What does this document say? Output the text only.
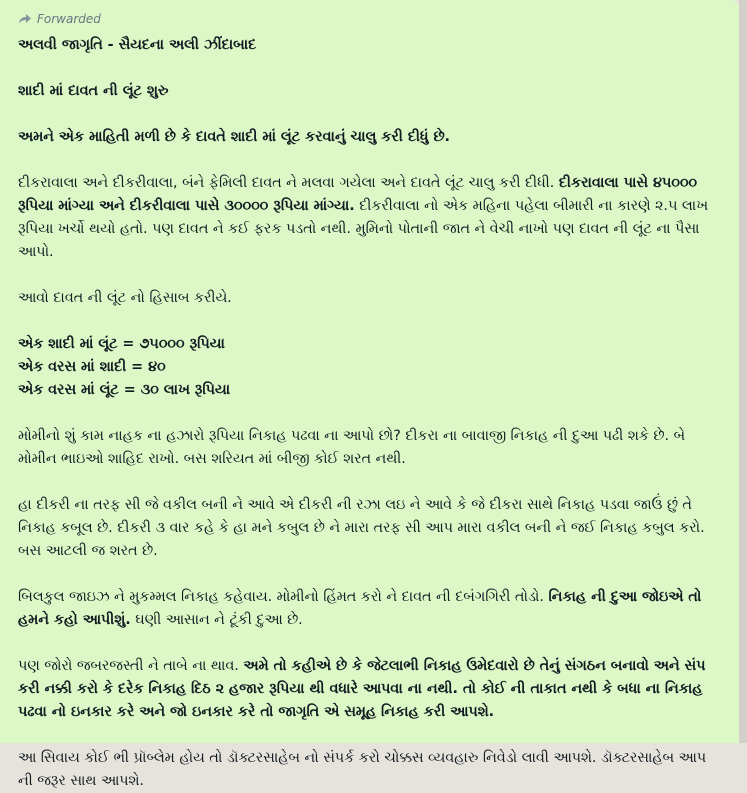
Forwarded

અલવી જાગૃતિ - સૈયદના અલી ઝીંદાબાદ

શાદી માં દાવત ની લૂંટ શુરુ

અમને એક માહિતી મળી છે કે દાવતે શાદી માં લૂંટ કરવાનું ચાલુ કરી દીધું છે.

દીકરાવાલા અને દીકરીવાલા, બંને ફેમિલી દાવત ને મલવા ગયેલા અને દાવતે લૂંટ ચાલુ કરી દીધી. દીકરાવાલા પાસે ૪૫૦૦૦ રૂપિયા માંગ્યા અને દીકરીવાલા પાસે ૩૦૦૦૦ રૂપિયા માંગ્યા. દીકરીવાલા નો એક મહિના પહેલા બીમારી ના કારણે ૨.૫ લાખ રૂપિયા ખર્ચો થયો હતો. પણ દાવત ને કઈ ફરક પડતો નથી. મુમિનો પોતાની જાત ને વેચી નાખો પણ દાવત ની લૂંટ ના પૈસા આપો.

આવો દાવત ની લૂંટ નો હિસાબ કરીયે.

એક શાદી માં લૂંટ = ૭૫૦૦૦ રૂપિયા

એક વરસ માં શાદી = ૪૦

એક વરસ માં લૂંટ = ૩૦ લાખ રૂપિયા

મોમીનો શું કામ નાહક ના હઝારો રૂપિયા નિકાહ પઢવા ના આપો છો? દીકરા ના બાવાજી નિકાહ ની દુઆ પઢી શકે છે. બે મોમીન ભાઇઓ શાહિદ રાખો. બસ શરિયત માં બીજી કોઈ શરત નથી.

હા દીકરી ના તરફ સી જે વકીલ બની ને આવે એ દીકરી ની રઝા લઇ ને આવે કે જે દીકરા સાથે નિકાહ પડવા જાઉં છું તે નિકાહ કબૂલ છે. દીકરી ૩ વાર કહે કે હા મને કબુલ છે ને મારા તરફ સી આપ મારા વકીલ બની ને જઈ નિકાહ કબુલ કરો. બસ આટલી જ શરત છે.

બિલકુલ જાઇઝ ને મુકમ્મલ નિકાહ કહેવાય. મોમીનો હિંમત કરો ને દાવત ની દબંગગિરી તોડો. નિકાહ ની દુઆ જોઇએ તો હમને કહો આપીશું. ઘણી આસાન ને ટૂંકી દુઆ છે.

પણ જોરો જબરજસ્તી ને તાબે ના થાવ. અમે તો કહીએ છે કે જેટલાભી નિકાહ ઉમેદવારો છે તેનું સંગઠન બનાવો અને સંપ કરી નક્કી કરો કે દરેક નિકાહ દિઠ ૨ હજાર રૂપિયા થી વધારે આપવા ના નથી. તો કોઈ ની તાકાત નથી કે બધા ના નિકાહ પઢવા નો ઇનકાર કરે અને જો ઇનકાર કરે તો જાગૃતિ એ સમૂહ નિકાહ કરી આપશે.

આ સિવાય કોઈ ભી પ્રૉબ્લેમ હોય તો ડૉક્ટરસાહેબ નો સંપર્ક કરો ચોક્કસ વ્યવહારુ નિવેડો લાવી આપશે. ડૉક્ટરસાહેબ આપ ની જરૂર સાથ આપશે.
